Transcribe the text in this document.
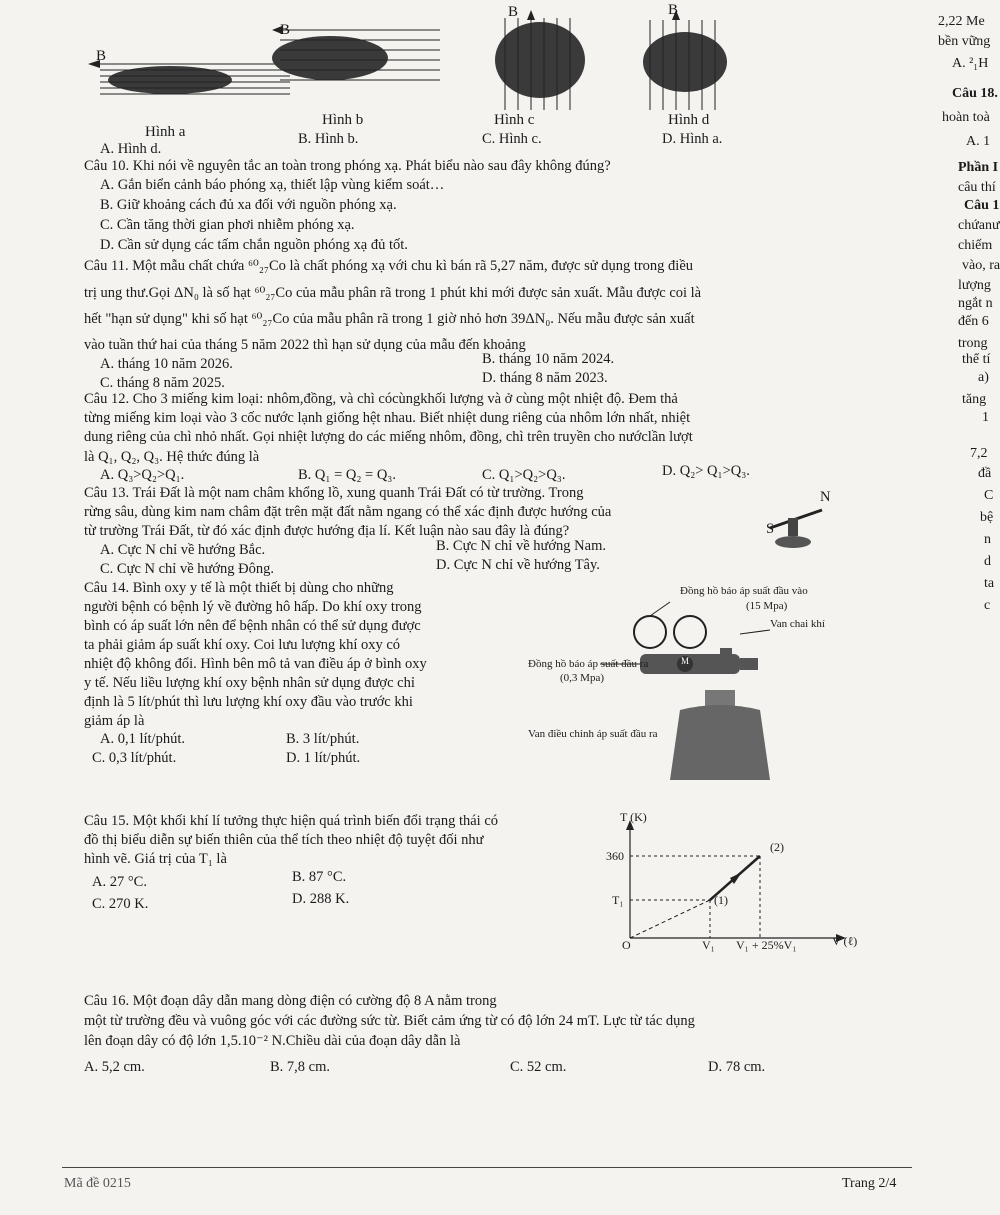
B
B
B	B
Hình a
Hình b	Hình c	Hình d
A. Hình d.
B. Hình b.	C. Hình c.	D. Hình a.
Câu 10. Khi nói về nguyên tắc an toàn trong phóng xạ. Phát biểu nào sau đây không đúng?
A. Gắn biển cảnh báo phóng xạ, thiết lập vùng kiểm soát…
B. Giữ khoảng cách đủ xa đối với nguồn phóng xạ.
C. Cần tăng thời gian phơi nhiễm phóng xạ.
D. Cần sử dụng các tấm chắn nguồn phóng xạ đủ tốt.
Câu 11. Một mẫu chất chứa ⁶⁰₂₇Co là chất phóng xạ với chu kì bán rã 5,27 năm, được sử dụng trong điều
trị ung thư.Gọi ΔN₀ là số hạt ⁶⁰₂₇Co của mẫu phân rã trong 1 phút khi mới được sản xuất. Mẫu được coi là
hết "hạn sử dụng" khi số hạt ⁶⁰₂₇Co của mẫu phân rã trong 1 giờ nhỏ hơn 39ΔN₀. Nếu mẫu được sản xuất
vào tuần thứ hai của tháng 5 năm 2022 thì hạn sử dụng của mẫu đến khoảng
A. tháng 10 năm 2026.	B. tháng 10 năm 2024.
C. tháng 8 năm 2025.	D. tháng 8 năm 2023.
Câu 12. Cho 3 miếng kim loại: nhôm,đồng, và chì cócùngkhối lượng và ở cùng một nhiệt độ. Đem thả
từng miếng kim loại vào 3 cốc nước lạnh giống hệt nhau. Biết nhiệt dung riêng của nhôm lớn nhất, nhiệt
dung riêng của chì nhỏ nhất. Gọi nhiệt lượng do các miếng nhôm, đồng, chì trên truyền cho nướclần lượt
là Q₁, Q₂, Q₃. Hệ thức đúng là
A. Q₃>Q₂>Q₁.	B. Q₁ = Q₂ = Q₃.	C. Q₁>Q₂>Q₃.	D. Q₂> Q₁>Q₃.
Câu 13. Trái Đất là một nam châm khổng lồ, xung quanh Trái Đất có từ trường. Trong
rừng sâu, dùng kim nam châm đặt trên mặt đất nằm ngang có thể xác định được hướng của
từ trường Trái Đất, từ đó xác định được hướng địa lí. Kết luận nào sau đây là đúng?
A. Cực N chỉ về hướng Bắc.	B. Cực N chỉ về hướng Nam.
C. Cực N chỉ về hướng Đông.	D. Cực N chỉ về hướng Tây.
N
S
Câu 14. Bình oxy y tế là một thiết bị dùng cho những
người bệnh có bệnh lý về đường hô hấp. Do khí oxy trong
bình có áp suất lớn nên để bệnh nhân có thể sử dụng được
ta phải giảm áp suất khí oxy. Coi lưu lượng khí oxy có
nhiệt độ không đổi. Hình bên mô tả van điều áp ở bình oxy
y tế. Nếu liều lượng khí oxy bệnh nhân sử dụng được chỉ
định là 5 lít/phút thì lưu lượng khí oxy đầu vào trước khi
giảm áp là
A. 0,1 lít/phút.	B. 3 lít/phút.
C. 0,3 lít/phút.	D. 1 lít/phút.
Đồng hồ báo áp suất đầu vào
(15 Mpa)
Van chai khí
Đồng hồ báo áp suất đầu ra
(0,3 Mpa)
Van điều chỉnh áp suất đầu ra
M
Câu 15. Một khối khí lí tưởng thực hiện quá trình biến đổi trạng thái có
đồ thị biểu diễn sự biến thiên của thể tích theo nhiệt độ tuyệt đối như
hình vẽ. Giá trị của T₁ là
A. 27 °C.	B. 87 °C.
C. 270 K.	D. 288 K.
T (K)
360
(2)
T₁	(1)
O	V₁ V₁ + 25%V₁	V (ℓ)
Câu 16. Một đoạn dây dẫn mang dòng điện có cường độ 8 A nằm trong
một từ trường đều và vuông góc với các đường sức từ. Biết cảm ứng từ có độ lớn 24 mT. Lực từ tác dụng
lên đoạn dây có độ lớn 1,5.10⁻² N.Chiều dài của đoạn dây dẫn là
A. 5,2 cm.	B. 7,8 cm.	C. 52 cm.	D. 78 cm.
2,22 Me
bền vững
A. ²₁H
Câu 18.
hoàn toà
A. 1
Phần I
câu thí
Câu 1
chứanư
chiếm
vào, ra
lượng
ngắt n
đến 6
trong
thể tí
a)
tăng
1
7,2
đầ
C
bệ
n
d
ta
c
Mã đề 0215	Trang 2/4
